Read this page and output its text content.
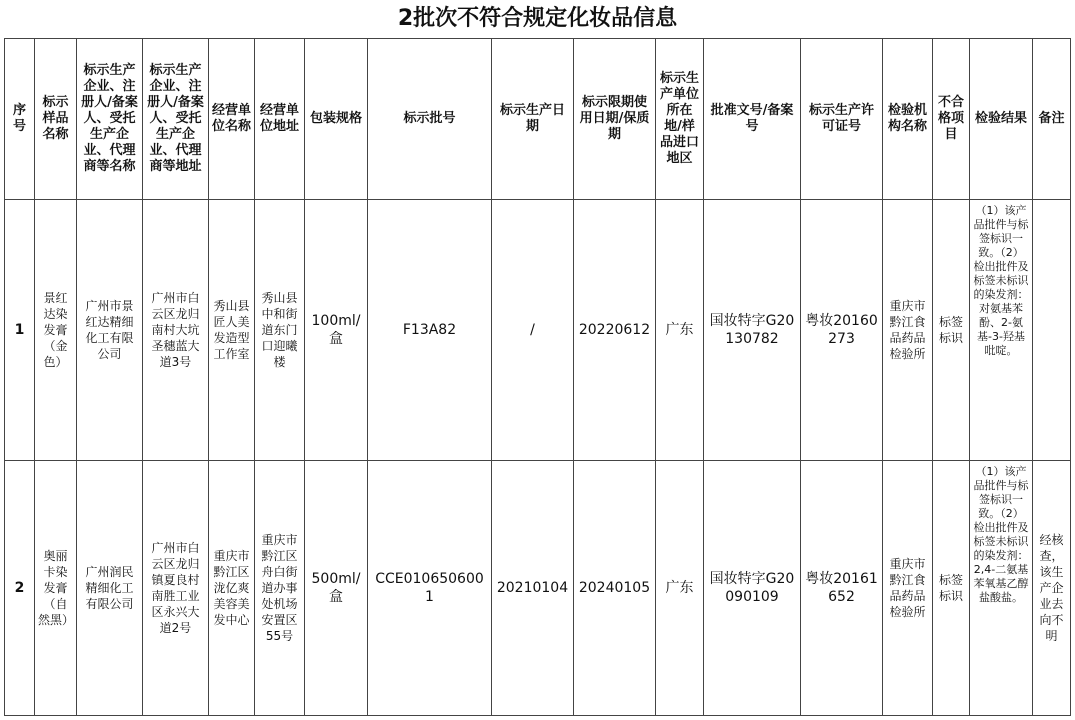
2批次不符合规定化妆品信息
序号	标示样品名称	标示生产企业、注册人/备案人、受托生产企业、代理商等名称	标示生产企业、注册人/备案人、受托生产企业、代理商等地址	经营单位名称	经营单位地址	包装规格	标示批号	标示生产日期	标示限期使用日期/保质期	标示生产单位所在地/样品进口地区	批准文号/备案号	标示生产许可证号	检验机构名称	不合格项目	检验结果	备注
1	景红达染发膏（金色）	广州市景红达精细化工有限公司	广州市白云区龙归南村大坑圣穗蓝大道3号	秀山县匠人美发造型工作室	秀山县中和街道东门口迎曦楼	100ml/盒	F13A82	/	20220612	广东	国妆特字G20130782	粤妆20160273	重庆市黔江食品药品检验所	标签标识	（1）该产品批件与标签标识一致。（2）检出批件及标签未标识的染发剂：对氨基苯酚、2-氨基-3-羟基吡啶。	
2	奥丽卡染发膏（自然黑）	广州润民精细化工有限公司	广州市白云区龙归镇夏良村南胜工业区永兴大道2号	重庆市黔江区泷亿爽美容美发中心	重庆市黔江区舟白街道办事处机场安置区55号	500ml/盒	CCE0106506001	20210104	20240105	广东	国妆特字G20090109	粤妆20161652	重庆市黔江食品药品检验所	标签标识	（1）该产品批件与标签标识一致。（2）检出批件及标签未标识的染发剂：2,4-二氨基苯氧基乙醇盐酸盐。	经核查，该生产企业去向不明
